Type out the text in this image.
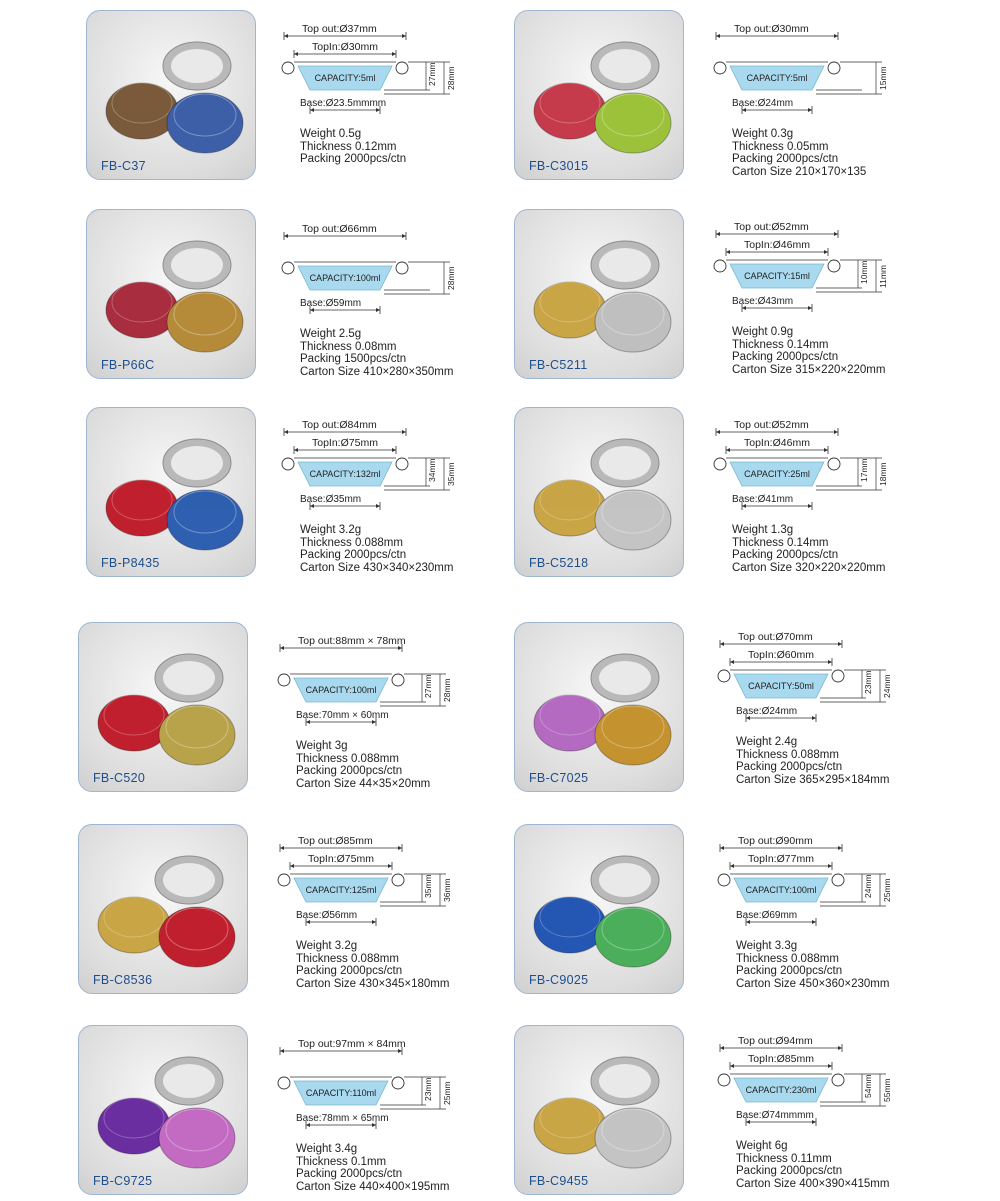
FB-C37
Top out:Ø37mm
TopIn:Ø30mm
CAPACITY:5ml
Base:Ø23.5mmmm
27mm 28mm
Weight 0.5g
Thickness 0.12mm
Packing 2000pcs/ctn	FB-C3015
Top out:Ø30mm
CAPACITY:5ml
Base:Ø24mm
15mm
Weight 0.3g
Thickness 0.05mm
Packing 2000pcs/ctn
Carton Size 210×170×135
FB-P66C
Top out:Ø66mm
CAPACITY:100ml
Base:Ø59mm
28mm
Weight 2.5g
Thickness 0.08mm
Packing 1500pcs/ctn
Carton Size 410×280×350mm	FB-C5211
Top out:Ø52mm
TopIn:Ø46mm
CAPACITY:15ml
Base:Ø43mm
10mm 11mm
Weight 0.9g
Thickness 0.14mm
Packing 2000pcs/ctn
Carton Size 315×220×220mm
FB-P8435
Top out:Ø84mm
TopIn:Ø75mm
CAPACITY:132ml
Base:Ø35mm
34mm 35mm
Weight 3.2g
Thickness 0.088mm
Packing 2000pcs/ctn
Carton Size 430×340×230mm	FB-C5218
Top out:Ø52mm
TopIn:Ø46mm
CAPACITY:25ml
Base:Ø41mm
17mm 18mm
Weight 1.3g
Thickness 0.14mm
Packing 2000pcs/ctn
Carton Size 320×220×220mm
FB-C520
Top out:88mm × 78mm
CAPACITY:100ml
Base:70mm × 60mm
27mm 28mm
Weight 3g
Thickness 0.088mm
Packing 2000pcs/ctn
Carton Size 44×35×20mm	FB-C7025
Top out:Ø70mm
TopIn:Ø60mm
CAPACITY:50ml
Base:Ø24mm
23mm 24mm
Weight 2.4g
Thickness 0.088mm
Packing 2000pcs/ctn
Carton Size 365×295×184mm
FB-C8536
Top out:Ø85mm
TopIn:Ø75mm
CAPACITY:125ml
Base:Ø56mm
35mm 36mm
Weight 3.2g
Thickness 0.088mm
Packing 2000pcs/ctn
Carton Size 430×345×180mm	FB-C9025
Top out:Ø90mm
TopIn:Ø77mm
CAPACITY:100ml
Base:Ø69mm
24mm 25mm
Weight 3.3g
Thickness 0.088mm
Packing 2000pcs/ctn
Carton Size 450×360×230mm
FB-C9725
Top out:97mm × 84mm
CAPACITY:110ml
Base:78mm × 65mm
23mm 25mm
Weight 3.4g
Thickness 0.1mm
Packing 2000pcs/ctn
Carton Size 440×400×195mm	FB-C9455
Top out:Ø94mm
TopIn:Ø85mm
CAPACITY:230ml
Base:Ø74mmmm
54mm 55mm
Weight 6g
Thickness 0.11mm
Packing 2000pcs/ctn
Carton Size 400×390×415mm
